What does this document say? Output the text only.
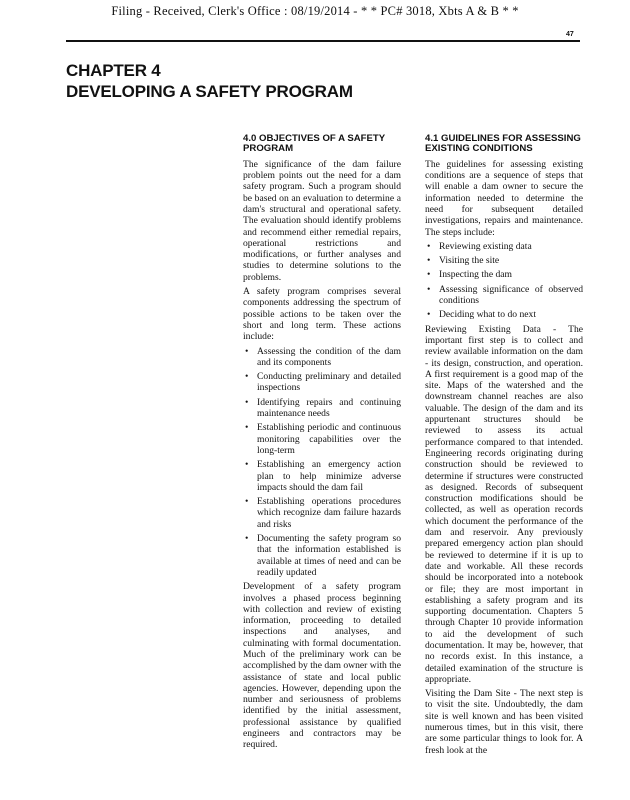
Filing - Received, Clerk's Office : 08/19/2014 - * * PC# 3018, Xbts A & B * *
47
CHAPTER 4
DEVELOPING A SAFETY PROGRAM
4.0 OBJECTIVES OF A SAFETY PROGRAM
The significance of the dam failure problem points out the need for a dam safety program. Such a program should be based on an evaluation to determine a dam's structural and operational safety. The evaluation should identify problems and recommend either remedial repairs, operational restrictions and modifications, or further analyses and studies to determine solutions to the problems.
A safety program comprises several components addressing the spectrum of possible actions to be taken over the short and long term. These actions include:
• Assessing the condition of the dam and its components
• Conducting preliminary and detailed inspections
• Identifying repairs and continuing maintenance needs
• Establishing periodic and continuous monitoring capabilities over the long-term
• Establishing an emergency action plan to help minimize adverse impacts should the dam fail
• Establishing operations procedures which recognize dam failure hazards and risks
• Documenting the safety program so that the information established is available at times of need and can be readily updated
Development of a safety program involves a phased process beginning with collection and review of existing information, proceeding to detailed inspections and analyses, and culminating with formal documentation. Much of the preliminary work can be accomplished by the dam owner with the assistance of state and local public agencies. However, depending upon the number and seriousness of problems identified by the initial assessment, professional assistance by qualified engineers and contractors may be required.
4.1 GUIDELINES FOR ASSESSING EXISTING CONDITIONS
The guidelines for assessing existing conditions are a sequence of steps that will enable a dam owner to secure the information needed to determine the need for subsequent detailed investigations, repairs and maintenance. The steps include:
• Reviewing existing data
• Visiting the site
• Inspecting the dam
• Assessing significance of observed conditions
• Deciding what to do next
Reviewing Existing Data - The important first step is to collect and review available information on the dam - its design, construction, and operation. A first requirement is a good map of the site. Maps of the watershed and the downstream channel reaches are also valuable. The design of the dam and its appurtenant structures should be reviewed to assess its actual performance compared to that intended. Engineering records originating during construction should be reviewed to determine if structures were constructed as designed. Records of subsequent construction modifications should be collected, as well as operation records which document the performance of the dam and reservoir. Any previously prepared emergency action plan should be reviewed to determine if it is up to date and workable. All these records should be incorporated into a notebook or file; they are most important in establishing a safety program and its supporting documentation. Chapters 5 through Chapter 10 provide information to aid the development of such documentation. It may be, however, that no records exist. In this instance, a detailed examination of the structure is appropriate.
Visiting the Dam Site - The next step is to visit the site. Undoubtedly, the dam site is well known and has been visited numerous times, but in this visit, there are some particular things to look for. A fresh look at the
